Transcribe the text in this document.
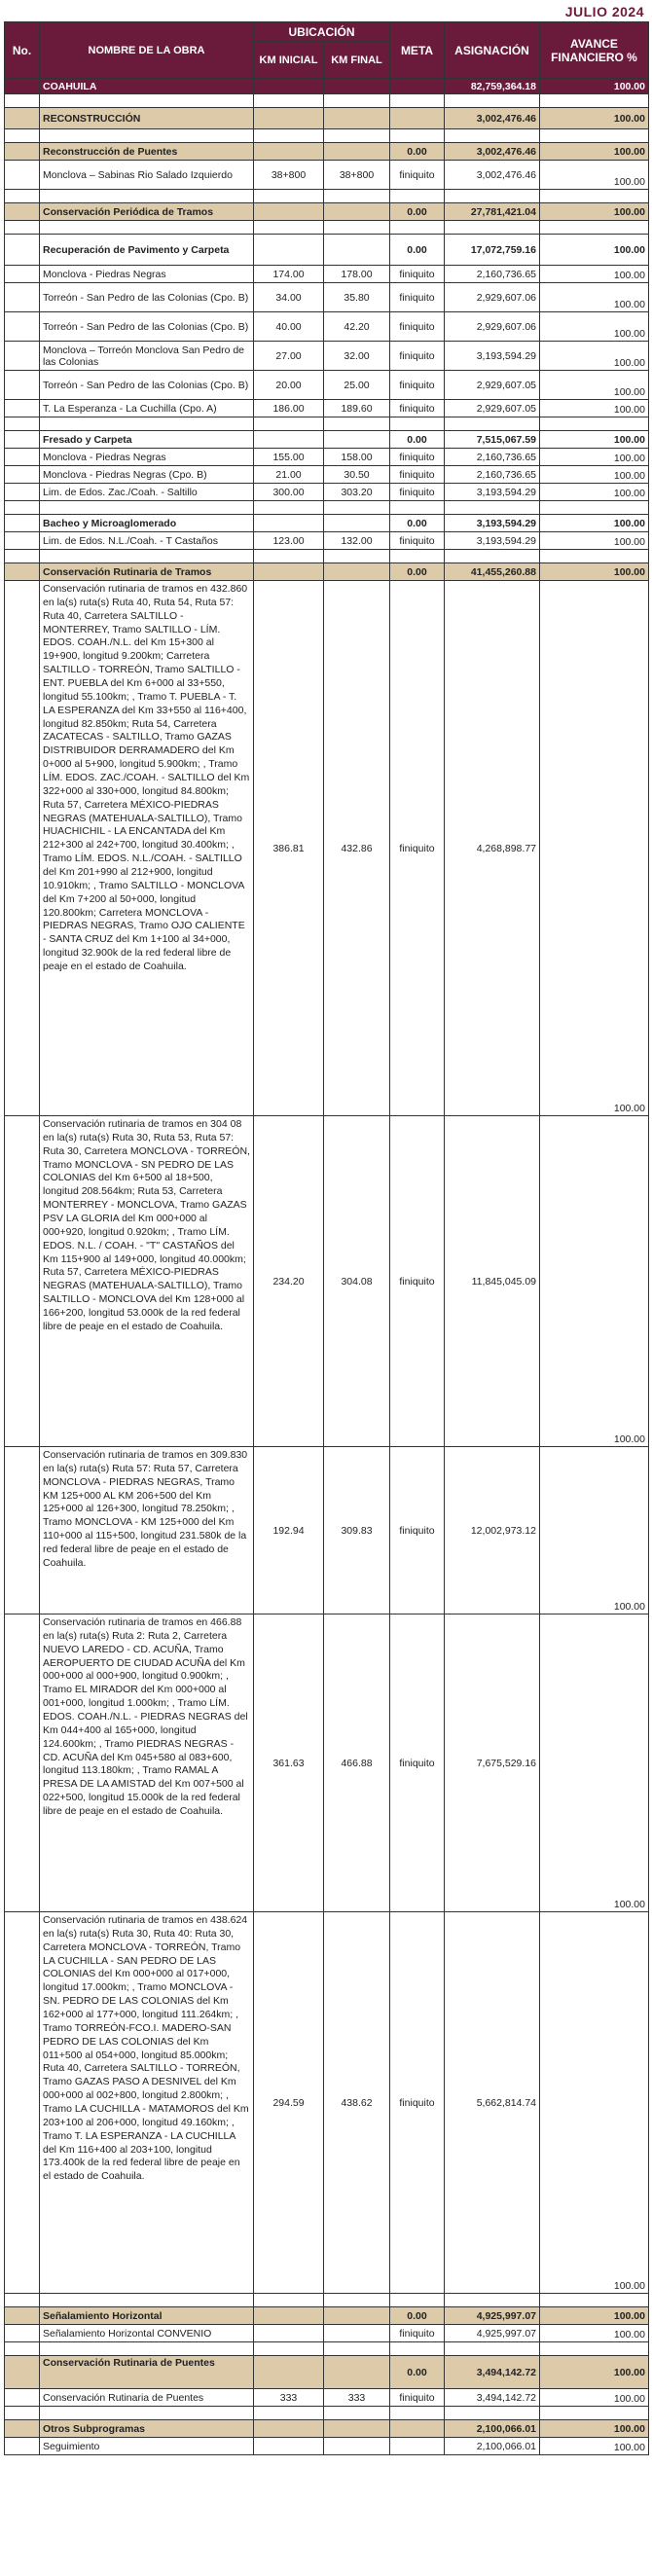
JULIO 2024
No.	NOMBRE DE LA OBRA	UBICACIÓN		META	ASIGNACIÓN	AVANCE FINANCIERO %
		KM INICIAL	KM FINAL			
	COAHUILA				82,759,364.18	100.00

	RECONSTRUCCIÓN				3,002,476.46	100.00

	Reconstrucción de Puentes			0.00	3,002,476.46	100.00
	Monclova – Sabinas Rio Salado Izquierdo	38+800	38+800	finiquito	3,002,476.46	100.00

	Conservación Periódica de Tramos			0.00	27,781,421.04	100.00

	Recuperación de Pavimento y Carpeta			0.00	17,072,759.16	100.00
	Monclova - Piedras Negras	174.00	178.00	finiquito	2,160,736.65	100.00
	Torreón - San Pedro de las Colonias (Cpo. B)	34.00	35.80	finiquito	2,929,607.06	100.00
	Torreón - San Pedro de las Colonias (Cpo. B)	40.00	42.20	finiquito	2,929,607.06	100.00
	Monclova – Torreón Monclova San Pedro de las Colonias	27.00	32.00	finiquito	3,193,594.29	100.00
	Torreón - San Pedro de las Colonias (Cpo. B)	20.00	25.00	finiquito	2,929,607.05	100.00
	T. La Esperanza - La Cuchilla (Cpo. A)	186.00	189.60	finiquito	2,929,607.05	100.00

	Fresado y Carpeta			0.00	7,515,067.59	100.00
	Monclova - Piedras Negras	155.00	158.00	finiquito	2,160,736.65	100.00
	Monclova - Piedras Negras (Cpo. B)	21.00	30.50	finiquito	2,160,736.65	100.00
	Lim. de Edos. Zac./Coah. - Saltillo	300.00	303.20	finiquito	3,193,594.29	100.00

	Bacheo y Microaglomerado			0.00	3,193,594.29	100.00
	Lim. de Edos. N.L./Coah. - T Castaños	123.00	132.00	finiquito	3,193,594.29	100.00

	Conservación Rutinaria de Tramos			0.00	41,455,260.88	100.00
	Conservación rutinaria de tramos en 432.860 en la(s) ruta(s) Ruta 40, Ruta 54, Ruta 57: Ruta 40, Carretera SALTILLO - MONTERREY, Tramo SALTILLO - LÍM. EDOS. COAH./N.L. del Km 15+300 al 19+900, longitud 9.200km; Carretera SALTILLO - TORREÓN, Tramo SALTILLO - ENT. PUEBLA del Km 6+000 al 33+550, longitud 55.100km; , Tramo T. PUEBLA - T. LA ESPERANZA del Km 33+550 al 116+400, longitud 82.850km; Ruta 54, Carretera ZACATECAS - SALTILLO, Tramo GAZAS DISTRIBUIDOR DERRAMADERO del Km 0+000 al 5+900, longitud 5.900km; , Tramo LÍM. EDOS. ZAC./COAH. - SALTILLO del Km 322+000 al 330+000, longitud 84.800km; Ruta 57, Carretera MÉXICO-PIEDRAS NEGRAS (MATEHUALA-SALTILLO), Tramo HUACHICHIL - LA ENCANTADA del Km 212+300 al 242+700, longitud 30.400km; , Tramo LÍM. EDOS. N.L./COAH. - SALTILLO del Km 201+990 al 212+900, longitud 10.910km; , Tramo SALTILLO - MONCLOVA del Km 7+200 al 50+000, longitud 120.800km; Carretera MONCLOVA - PIEDRAS NEGRAS, Tramo OJO CALIENTE - SANTA CRUZ del Km 1+100 al 34+000, longitud 32.900k de la red federal libre de peaje en el estado de Coahuila.	386.81	432.86	finiquito	4,268,898.77	100.00
	Conservación rutinaria de tramos en 304 08 en la(s) ruta(s) Ruta 30, Ruta 53, Ruta 57: Ruta 30, Carretera MONCLOVA - TORREÓN, Tramo MONCLOVA - SN PEDRO DE LAS COLONIAS del Km 6+500 al 18+500, longitud 208.564km; Ruta 53, Carretera MONTERREY - MONCLOVA, Tramo GAZAS PSV LA GLORIA del Km 000+000 al 000+920, longitud 0.920km; , Tramo LÍM. EDOS. N.L. / COAH. - "T" CASTAÑOS del Km 115+900 al 149+000, longitud 40.000km; Ruta 57, Carretera MÉXICO-PIEDRAS NEGRAS (MATEHUALA-SALTILLO), Tramo SALTILLO - MONCLOVA del Km 128+000 al 166+200, longitud 53.000k de la red federal libre de peaje en el estado de Coahuila.	234.20	304.08	finiquito	11,845,045.09	100.00
	Conservación rutinaria de tramos en 309.830 en la(s) ruta(s) Ruta 57: Ruta 57, Carretera MONCLOVA - PIEDRAS NEGRAS, Tramo KM 125+000 AL KM 206+500 del Km 125+000 al 126+300, longitud 78.250km; , Tramo MONCLOVA - KM 125+000 del Km 110+000 al 115+500, longitud 231.580k de la red federal libre de peaje en el estado de Coahuila.	192.94	309.83	finiquito	12,002,973.12	100.00
	Conservación rutinaria de tramos en 466.88 en la(s) ruta(s) Ruta 2: Ruta 2, Carretera NUEVO LAREDO - CD. ACUÑA, Tramo AEROPUERTO DE CIUDAD ACUÑA del Km 000+000 al 000+900, longitud 0.900km; , Tramo EL MIRADOR del Km 000+000 al 001+000, longitud 1.000km; , Tramo LÍM. EDOS. COAH./N.L. - PIEDRAS NEGRAS del Km 044+400 al 165+000, longitud 124.600km; , Tramo PIEDRAS NEGRAS - CD. ACUÑA del Km 045+580 al 083+600, longitud 113.180km; , Tramo RAMAL A PRESA DE LA AMISTAD del Km 007+500 al 022+500, longitud 15.000k de la red federal libre de peaje en el estado de Coahuila.	361.63	466.88	finiquito	7,675,529.16	100.00
	Conservación rutinaria de tramos en 438.624 en la(s) ruta(s) Ruta 30, Ruta 40: Ruta 30, Carretera MONCLOVA - TORREÓN, Tramo LA CUCHILLA - SAN PEDRO DE LAS COLONIAS del Km 000+000 al 017+000, longitud 17.000km; , Tramo MONCLOVA - SN. PEDRO DE LAS COLONIAS del Km 162+000 al 177+000, longitud 111.264km; , Tramo TORREÓN-FCO.I. MADERO-SAN PEDRO DE LAS COLONIAS del Km 011+500 al 054+000, longitud 85.000km; Ruta 40, Carretera SALTILLO - TORREÓN, Tramo GAZAS PASO A DESNIVEL del Km 000+000 al 002+800, longitud 2.800km; , Tramo LA CUCHILLA - MATAMOROS del Km 203+100 al 206+000, longitud 49.160km; , Tramo T. LA ESPERANZA - LA CUCHILLA del Km 116+400 al 203+100, longitud 173.400k de la red federal libre de peaje en el estado de Coahuila.	294.59	438.62	finiquito	5,662,814.74	100.00

	Señalamiento Horizontal			0.00	4,925,997.07	100.00
	Señalamiento Horizontal CONVENIO			finiquito	4,925,997.07	100.00

	Conservación Rutinaria de Puentes			0.00	3,494,142.72	100.00
	Conservación Rutinaria de Puentes	333	333	finiquito	3,494,142.72	100.00

	Otros Subprogramas				2,100,066.01	100.00
	Seguimiento				2,100,066.01	100.00
